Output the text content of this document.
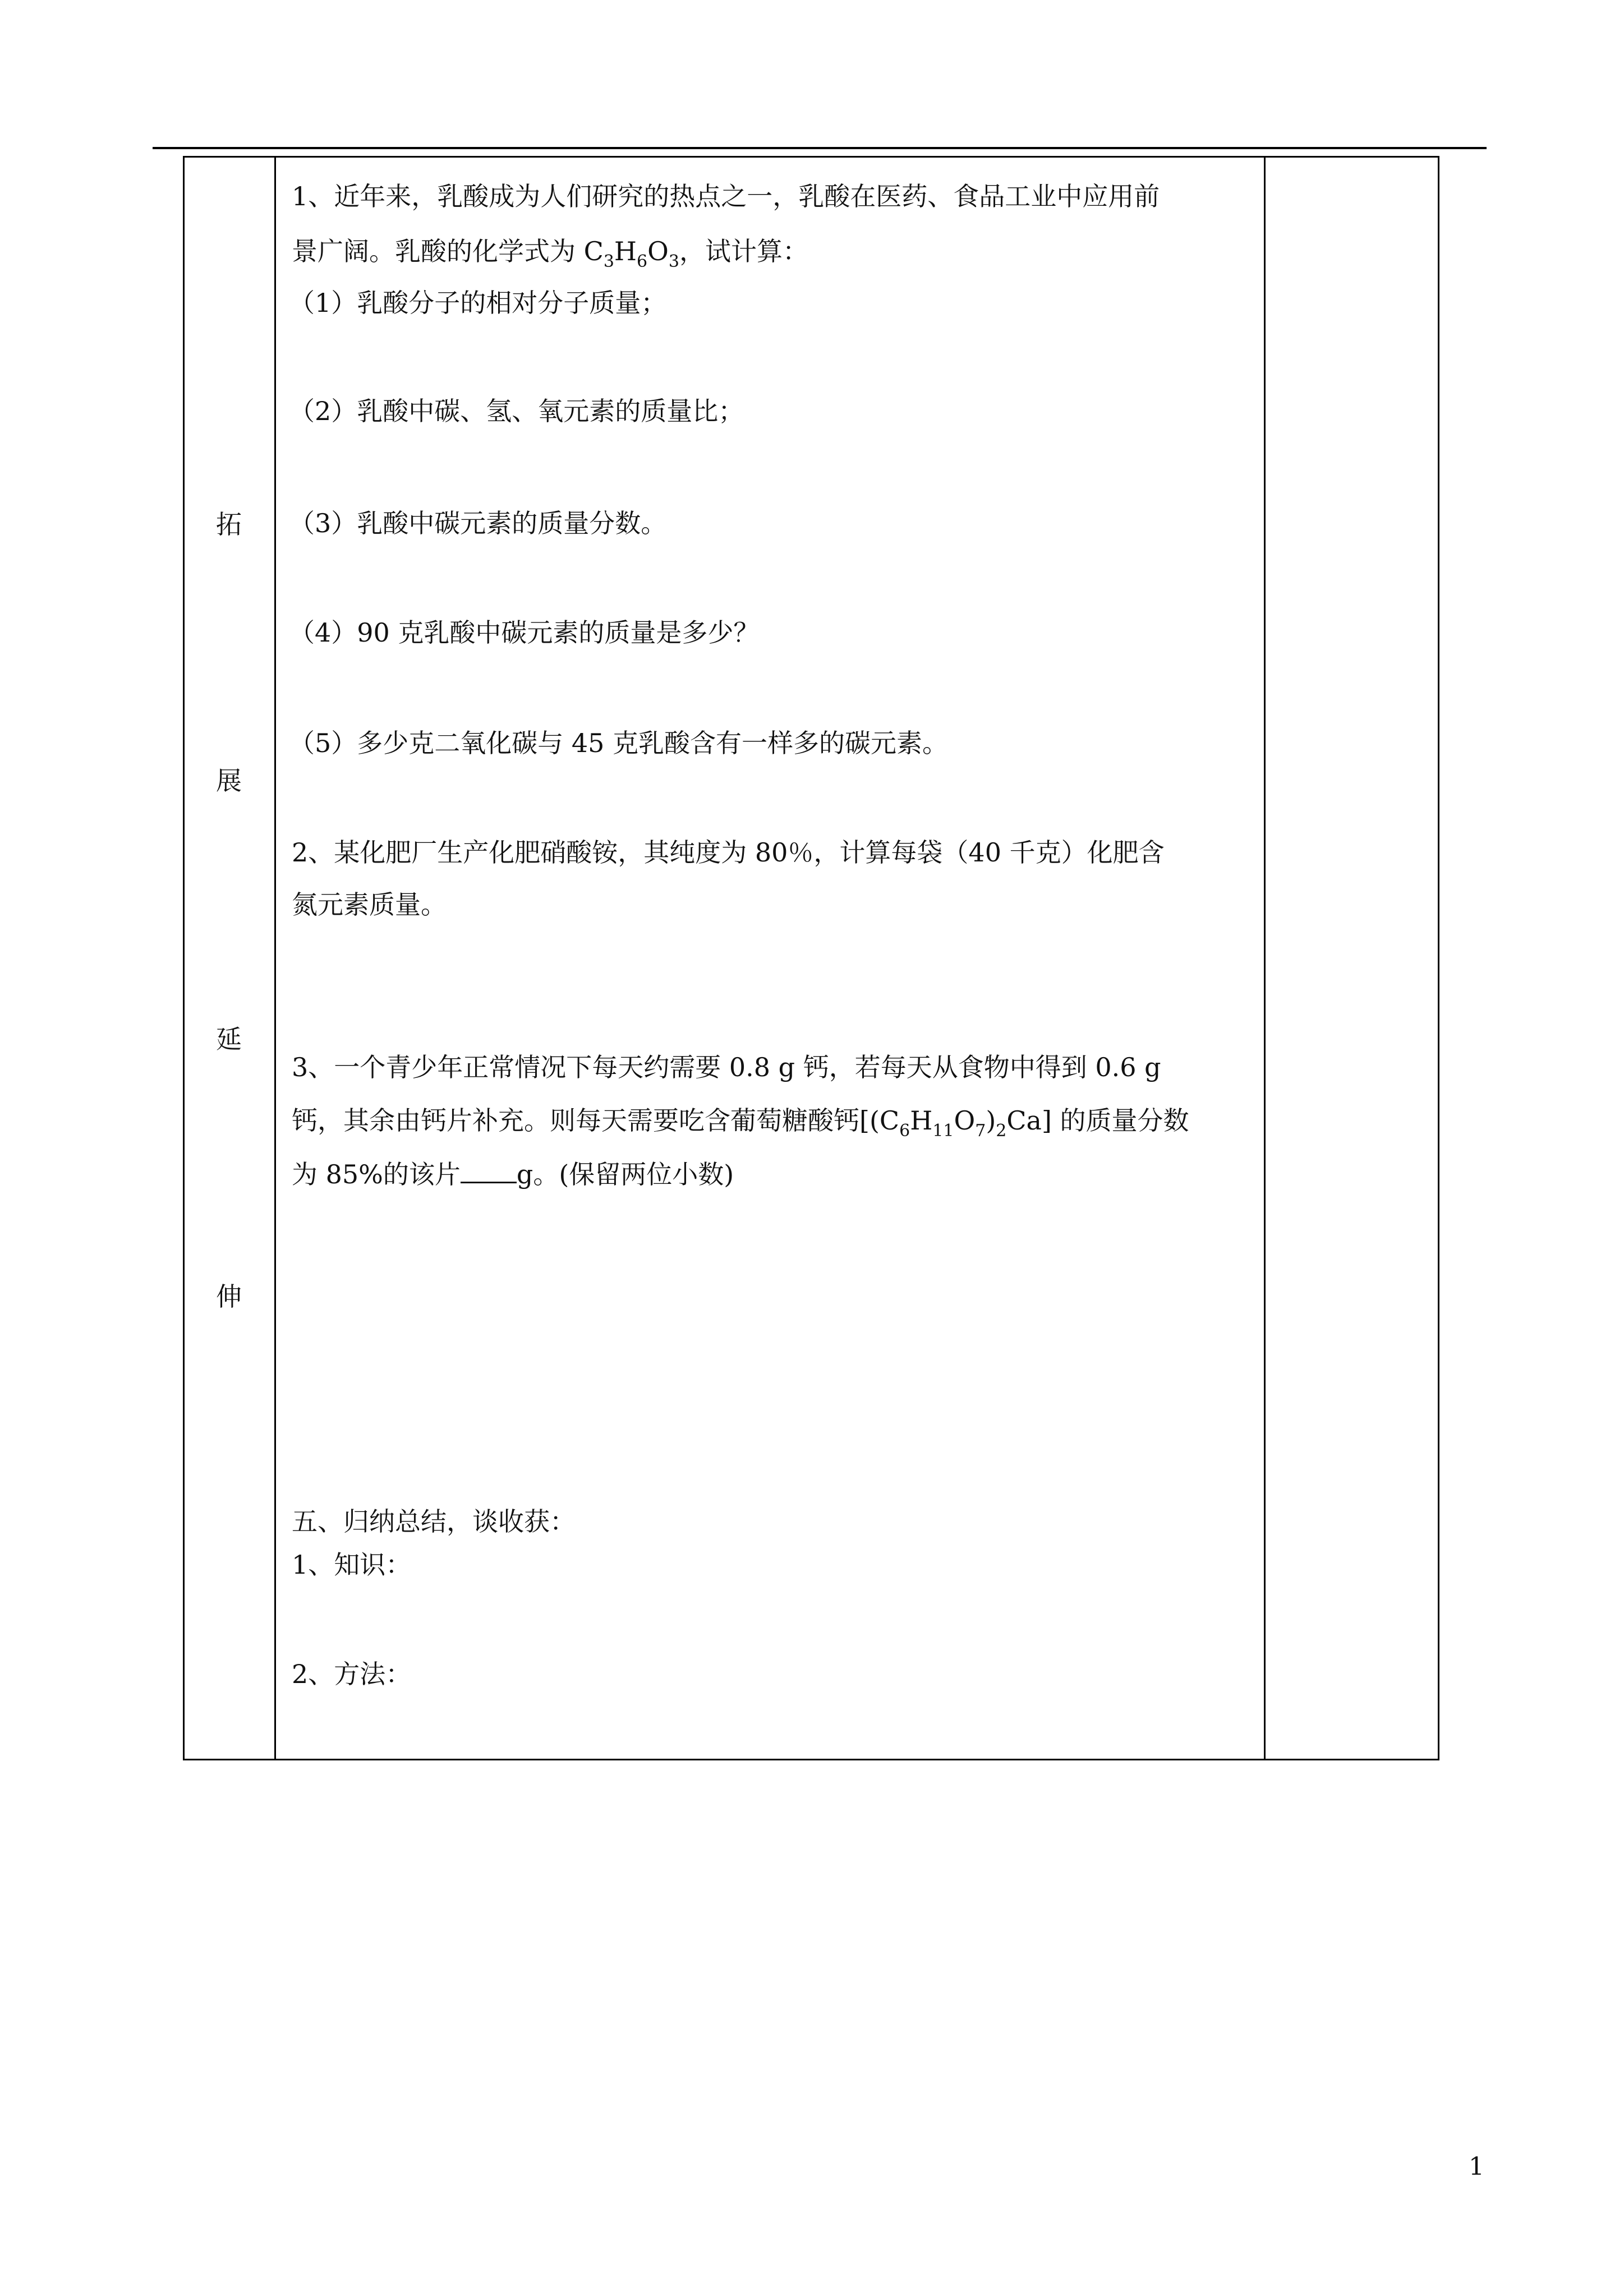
拓
展
延
伸
1、近年来，乳酸成为人们研究的热点之一，乳酸在医药、食品工业中应用前
景广阔。乳酸的化学式为 $C_3H_6O_3$，试计算：
（1）乳酸分子的相对分子质量；
（2）乳酸中碳、氢、氧元素的质量比；
（3）乳酸中碳元素的质量分数。
（4）90 克乳酸中碳元素的质量是多少？
（5）多少克二氧化碳与 45 克乳酸含有一样多的碳元素。
2、某化肥厂生产化肥硝酸铵，其纯度为 80％，计算每袋（40 千克）化肥含
氮元素质量。
3、一个青少年正常情况下每天约需要 0.8 g 钙，若每天从食物中得到 0.6 g
钙，其余由钙片补充。则每天需要吃含葡萄糖酸钙$[(C_6H_{11}O_7)_2Ca]$ 的质量分数
为 85%的该片 g。(保留两位小数)
五、归纳总结，谈收获：
1、知识：
2、方法：
1
